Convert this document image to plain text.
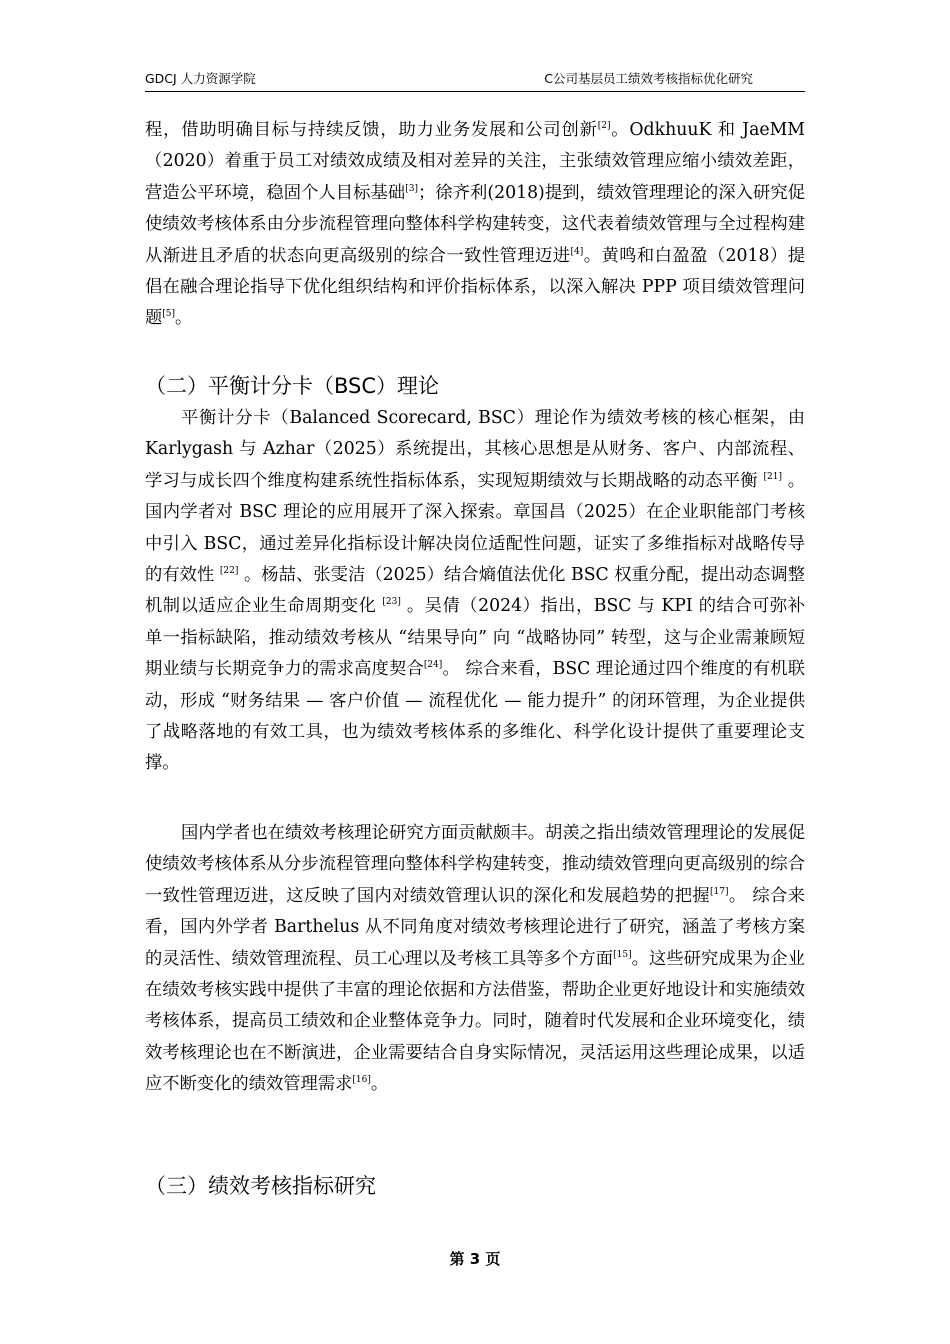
GDCJ 人力资源学院	C公司基层员工绩效考核指标优化研究
程，借助明确目标与持续反馈，助力业务发展和公司创新[2]。OdkhuuK 和 JaeMM（2020）着重于员工对绩效成绩及相对差异的关注，主张绩效管理应缩小绩效差距，营造公平环境，稳固个人目标基础[3]；徐齐利(2018)提到，绩效管理理论的深入研究促使绩效考核体系由分步流程管理向整体科学构建转变，这代表着绩效管理与全过程构建从渐进且矛盾的状态向更高级别的综合一致性管理迈进[4]。黄鸣和白盈盈（2018）提倡在融合理论指导下优化组织结构和评价指标体系，以深入解决 PPP 项目绩效管理问题[5]。
（二）平衡计分卡（BSC）理论
平衡计分卡（Balanced Scorecard, BSC）理论作为绩效考核的核心框架，由 Karlygash 与 Azhar（2025）系统提出，其核心思想是从财务、客户、内部流程、学习与成长四个维度构建系统性指标体系，实现短期绩效与长期战略的动态平衡 [21] 。国内学者对 BSC 理论的应用展开了深入探索。章国昌（2025）在企业职能部门考核中引入 BSC，通过差异化指标设计解决岗位适配性问题，证实了多维指标对战略传导的有效性 [22] 。杨喆、张雯洁（2025）结合熵值法优化 BSC 权重分配，提出动态调整机制以适应企业生命周期变化 [23] 。吴倩（2024）指出，BSC 与 KPI 的结合可弥补单一指标缺陷，推动绩效考核从 “结果导向” 向 “战略协同” 转型，这与企业需兼顾短期业绩与长期竞争力的需求高度契合[24]。 综合来看，BSC 理论通过四个维度的有机联动，形成 “财务结果 — 客户价值 — 流程优化 — 能力提升” 的闭环管理，为企业提供了战略落地的有效工具，也为绩效考核体系的多维化、科学化设计提供了重要理论支撑。
国内学者也在绩效考核理论研究方面贡献颇丰。胡羡之指出绩效管理理论的发展促使绩效考核体系从分步流程管理向整体科学构建转变，推动绩效管理向更高级别的综合一致性管理迈进，这反映了国内对绩效管理认识的深化和发展趋势的把握[17]。 综合来看，国内外学者 Barthelus 从不同角度对绩效考核理论进行了研究，涵盖了考核方案的灵活性、绩效管理流程、员工心理以及考核工具等多个方面[15]。这些研究成果为企业在绩效考核实践中提供了丰富的理论依据和方法借鉴，帮助企业更好地设计和实施绩效考核体系，提高员工绩效和企业整体竞争力。同时，随着时代发展和企业环境变化，绩效考核理论也在不断演进，企业需要结合自身实际情况，灵活运用这些理论成果，以适应不断变化的绩效管理需求[16]。
（三）绩效考核指标研究
第 3 页
